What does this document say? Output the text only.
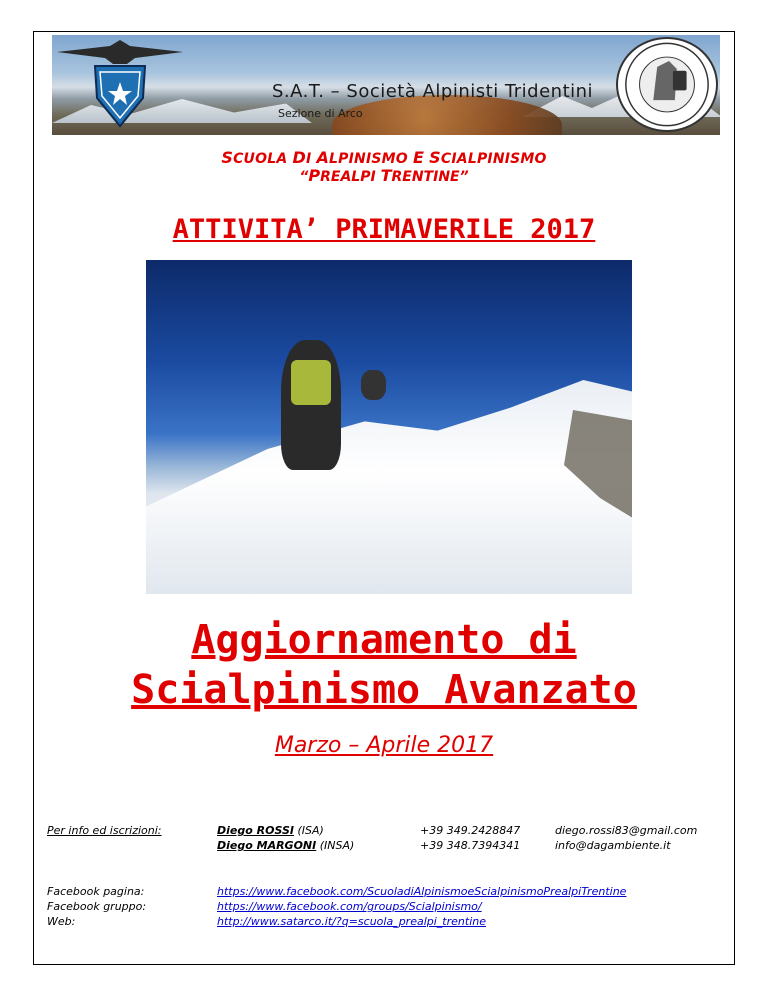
S.A.T. – Società Alpinisti Tridentini
Sezione di Arco
SCUOLA DI ALPINISMO E SCIALPINISMO
“PREALPI TRENTINE”
ATTIVITA’ PRIMAVERILE 2017
Aggiornamento di
Scialpinismo Avanzato
Marzo – Aprile 2017
Per info ed iscrizioni:	Diego ROSSI (ISA)
Diego MARGONI (INSA)
+39 349.2428847
+39 348.7394341
diego.rossi83@gmail.com
info@dagambiente.it
Facebook pagina:
Facebook gruppo:
Web:
https://www.facebook.com/ScuoladiAlpinismoeScialpinismoPrealpiTrentine
https://www.facebook.com/groups/Scialpinismo/
http://www.satarco.it/?q=scuola_prealpi_trentine
